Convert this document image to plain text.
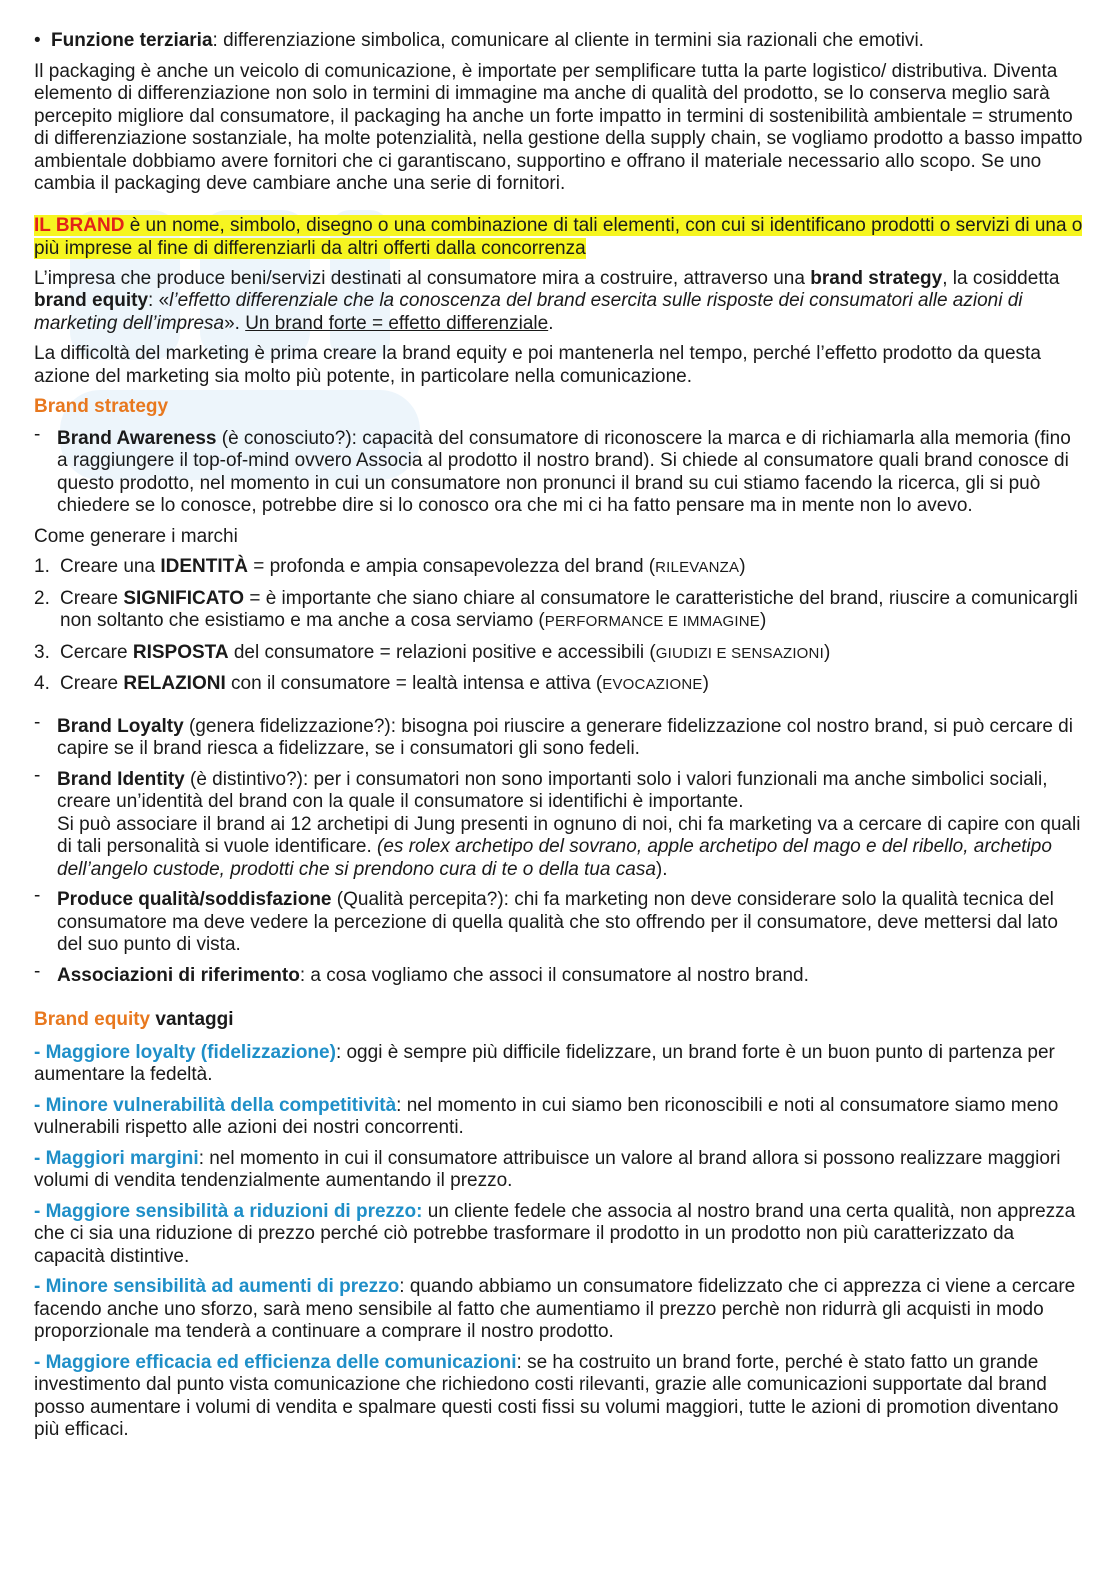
• Funzione terziaria: differenziazione simbolica, comunicare al cliente in termini sia razionali che emotivi.

Il packaging è anche un veicolo di comunicazione, è importate per semplificare tutta la parte logistico/ distributiva. Diventa elemento di differenziazione non solo in termini di immagine ma anche di qualità del prodotto, se lo conserva meglio sarà percepito migliore dal consumatore, il packaging ha anche un forte impatto in termini di sostenibilità ambientale = strumento di differenziazione sostanziale, ha molte potenzialità, nella gestione della supply chain, se vogliamo prodotto a basso impatto ambientale dobbiamo avere fornitori che ci garantiscano, supportino e offrano il materiale necessario allo scopo. Se uno cambia il packaging deve cambiare anche una serie di fornitori.

IL BRAND è un nome, simbolo, disegno o una combinazione di tali elementi, con cui si identificano prodotti o servizi di una o più imprese al fine di differenziarli da altri offerti dalla concorrenza

L’impresa che produce beni/servizi destinati al consumatore mira a costruire, attraverso una brand strategy, la cosiddetta brand equity: «l’effetto differenziale che la conoscenza del brand esercita sulle risposte dei consumatori alle azioni di marketing dell’impresa». Un brand forte = effetto differenziale.

La difficoltà del marketing è prima creare la brand equity e poi mantenerla nel tempo, perché l’effetto prodotto da questa azione del marketing sia molto più potente, in particolare nella comunicazione.

Brand strategy

- Brand Awareness (è conosciuto?): capacità del consumatore di riconoscere la marca e di richiamarla alla memoria (fino a raggiungere il top-of-mind ovvero Associa al prodotto il nostro brand). Si chiede al consumatore quali brand conosce di questo prodotto, nel momento in cui un consumatore non pronunci il brand su cui stiamo facendo la ricerca, gli si può chiedere se lo conosce, potrebbe dire si lo conosco ora che mi ci ha fatto pensare ma in mente non lo avevo.

Come generare i marchi

1. Creare una IDENTITÀ = profonda e ampia consapevolezza del brand (RILEVANZA)

2. Creare SIGNIFICATO = è importante che siano chiare al consumatore le caratteristiche del brand, riuscire a comunicargli non soltanto che esistiamo e ma anche a cosa serviamo (PERFORMANCE E IMMAGINE)

3. Cercare RISPOSTA del consumatore = relazioni positive e accessibili (GIUDIZI E SENSAZIONI)

4. Creare RELAZIONI con il consumatore = lealtà intensa e attiva (EVOCAZIONE)

- Brand Loyalty (genera fidelizzazione?): bisogna poi riuscire a generare fidelizzazione col nostro brand, si può cercare di capire se il brand riesca a fidelizzare, se i consumatori gli sono fedeli.

- Brand Identity (è distintivo?): per i consumatori non sono importanti solo i valori funzionali ma anche simbolici sociali, creare un’identità del brand con la quale il consumatore si identifichi è importante.
Si può associare il brand ai 12 archetipi di Jung presenti in ognuno di noi, chi fa marketing va a cercare di capire con quali di tali personalità si vuole identificare. (es rolex archetipo del sovrano, apple archetipo del mago e del ribello, archetipo dell’angelo custode, prodotti che si prendono cura di te o della tua casa).

- Produce qualità/soddisfazione (Qualità percepita?): chi fa marketing non deve considerare solo la qualità tecnica del consumatore ma deve vedere la percezione di quella qualità che sto offrendo per il consumatore, deve mettersi dal lato del suo punto di vista.

- Associazioni di riferimento: a cosa vogliamo che associ il consumatore al nostro brand.

Brand equity vantaggi

- Maggiore loyalty (fidelizzazione): oggi è sempre più difficile fidelizzare, un brand forte è un buon punto di partenza per aumentare la fedeltà.

- Minore vulnerabilità della competitività: nel momento in cui siamo ben riconoscibili e noti al consumatore siamo meno vulnerabili rispetto alle azioni dei nostri concorrenti.

- Maggiori margini: nel momento in cui il consumatore attribuisce un valore al brand allora si possono realizzare maggiori volumi di vendita tendenzialmente aumentando il prezzo.

- Maggiore sensibilità a riduzioni di prezzo: un cliente fedele che associa al nostro brand una certa qualità, non apprezza che ci sia una riduzione di prezzo perché ciò potrebbe trasformare il prodotto in un prodotto non più caratterizzato da capacità distintive.

- Minore sensibilità ad aumenti di prezzo: quando abbiamo un consumatore fidelizzato che ci apprezza ci viene a cercare facendo anche uno sforzo, sarà meno sensibile al fatto che aumentiamo il prezzo perchè non ridurrà gli acquisti in modo proporzionale ma tenderà a continuare a comprare il nostro prodotto.

- Maggiore efficacia ed efficienza delle comunicazioni: se ha costruito un brand forte, perché è stato fatto un grande investimento dal punto vista comunicazione che richiedono costi rilevanti, grazie alle comunicazioni supportate dal brand posso aumentare i volumi di vendita e spalmare questi costi fissi su volumi maggiori, tutte le azioni di promotion diventano più efficaci.
